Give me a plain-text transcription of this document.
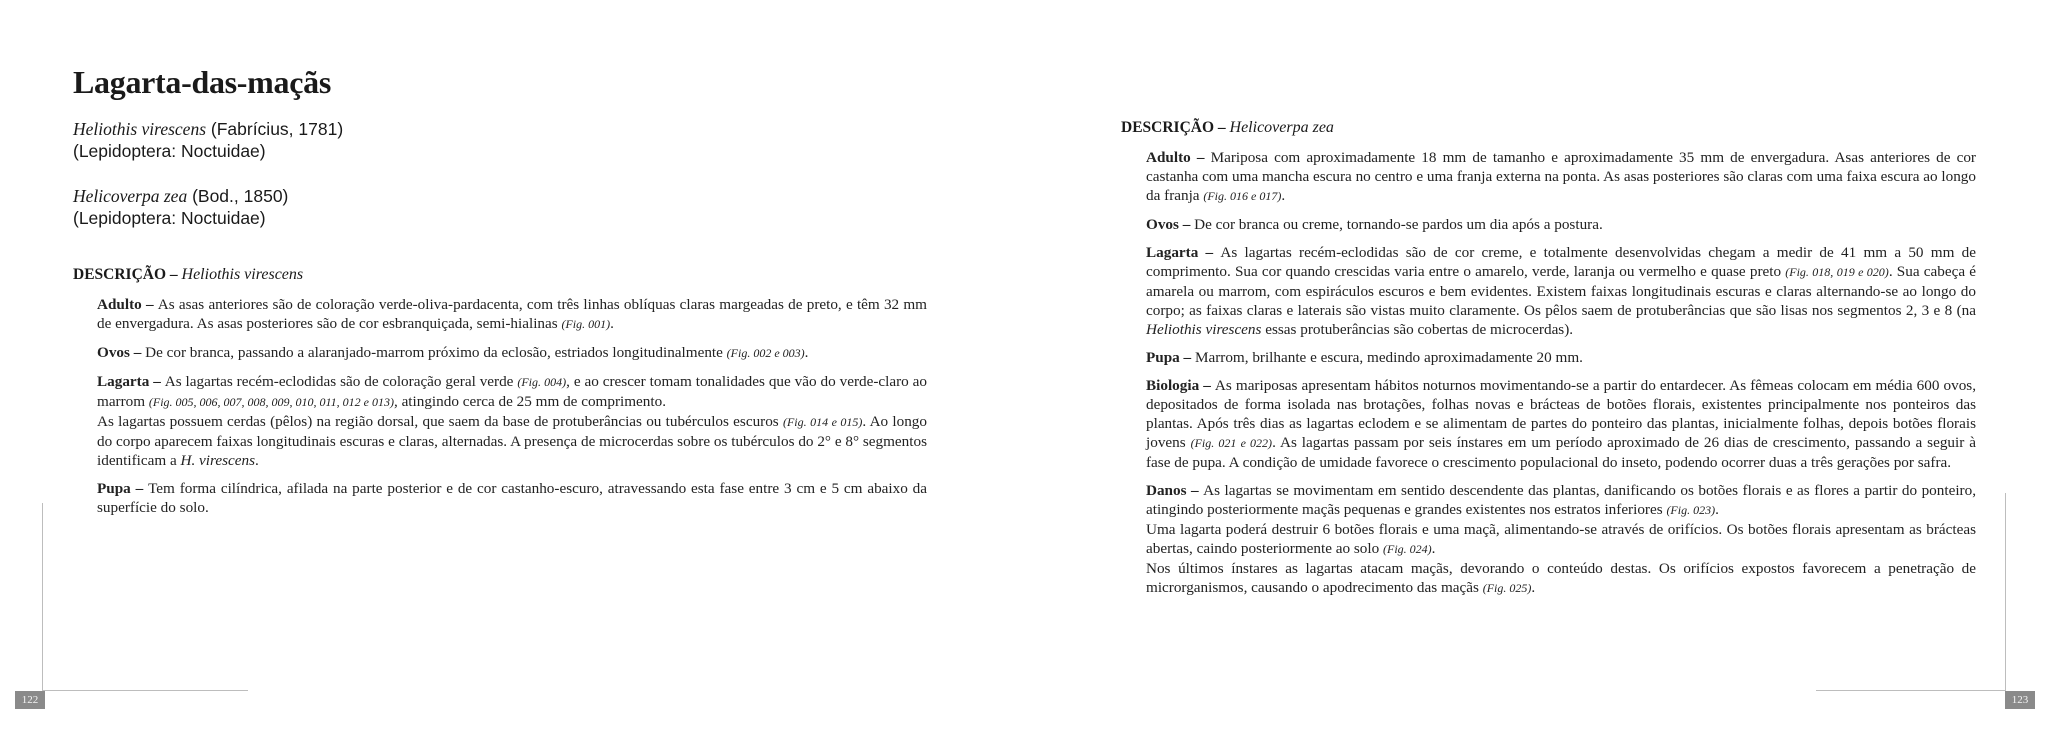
Lagarta-das-maçãs
Heliothis virescens (Fabrícius, 1781)
(Lepidoptera: Noctuidae)
Helicoverpa zea (Bod., 1850)
(Lepidoptera: Noctuidae)
DESCRIÇÃO – Heliothis virescens

Adulto – As asas anteriores são de coloração verde-oliva-pardacenta, com três linhas oblíquas claras margeadas de preto, e têm 32 mm de envergadura. As asas posteriores são de cor esbranquiçada, semi-hialinas (Fig. 001).

Ovos – De cor branca, passando a alaranjado-marrom próximo da eclosão, estriados longitudinalmente (Fig. 002 e 003).

Lagarta – As lagartas recém-eclodidas são de coloração geral verde (Fig. 004), e ao crescer tomam tonalidades que vão do verde-claro ao marrom (Fig. 005, 006, 007, 008, 009, 010, 011, 012 e 013), atingindo cerca de 25 mm de comprimento.
As lagartas possuem cerdas (pêlos) na região dorsal, que saem da base de protuberâncias ou tubérculos escuros (Fig. 014 e 015). Ao longo do corpo aparecem faixas longitudinais escuras e claras, alternadas. A presença de microcerdas sobre os tubérculos do 2° e 8° segmentos identificam a H. virescens.

Pupa – Tem forma cilíndrica, afilada na parte posterior e de cor castanho-escuro, atravessando esta fase entre 3 cm e 5 cm abaixo da superfície do solo.

122
DESCRIÇÃO – Helicoverpa zea

Adulto – Mariposa com aproximadamente 18 mm de tamanho e aproximadamente 35 mm de envergadura. Asas anteriores de cor castanha com uma mancha escura no centro e uma franja externa na ponta. As asas posteriores são claras com uma faixa escura ao longo da franja (Fig. 016 e 017).

Ovos – De cor branca ou creme, tornando-se pardos um dia após a postura.

Lagarta – As lagartas recém-eclodidas são de cor creme, e totalmente desenvolvidas chegam a medir de 41 mm a 50 mm de comprimento. Sua cor quando crescidas varia entre o amarelo, verde, laranja ou vermelho e quase preto (Fig. 018, 019 e 020). Sua cabeça é amarela ou marrom, com espiráculos escuros e bem evidentes. Existem faixas longitudinais escuras e claras alternando-se ao longo do corpo; as faixas claras e laterais são vistas muito claramente. Os pêlos saem de protuberâncias que são lisas nos segmentos 2, 3 e 8 (na Heliothis virescens essas protuberâncias são cobertas de microcerdas).

Pupa – Marrom, brilhante e escura, medindo aproximadamente 20 mm.

Biologia – As mariposas apresentam hábitos noturnos movimentando-se a partir do entardecer. As fêmeas colocam em média 600 ovos, depositados de forma isolada nas brotações, folhas novas e brácteas de botões florais, existentes principalmente nos ponteiros das plantas. Após três dias as lagartas eclodem e se alimentam de partes do ponteiro das plantas, inicialmente folhas, depois botões florais jovens (Fig. 021 e 022). As lagartas passam por seis ínstares em um período aproximado de 26 dias de crescimento, passando a seguir à fase de pupa. A condição de umidade favorece o crescimento populacional do inseto, podendo ocorrer duas a três gerações por safra.

Danos – As lagartas se movimentam em sentido descendente das plantas, danificando os botões florais e as flores a partir do ponteiro, atingindo posteriormente maçãs pequenas e grandes existentes nos estratos inferiores (Fig. 023).
Uma lagarta poderá destruir 6 botões florais e uma maçã, alimentando-se através de orifícios. Os botões florais apresentam as brácteas abertas, caindo posteriormente ao solo (Fig. 024).
Nos últimos ínstares as lagartas atacam maçãs, devorando o conteúdo destas. Os orifícios expostos favorecem a penetração de microrganismos, causando o apodrecimento das maçãs (Fig. 025).

123
